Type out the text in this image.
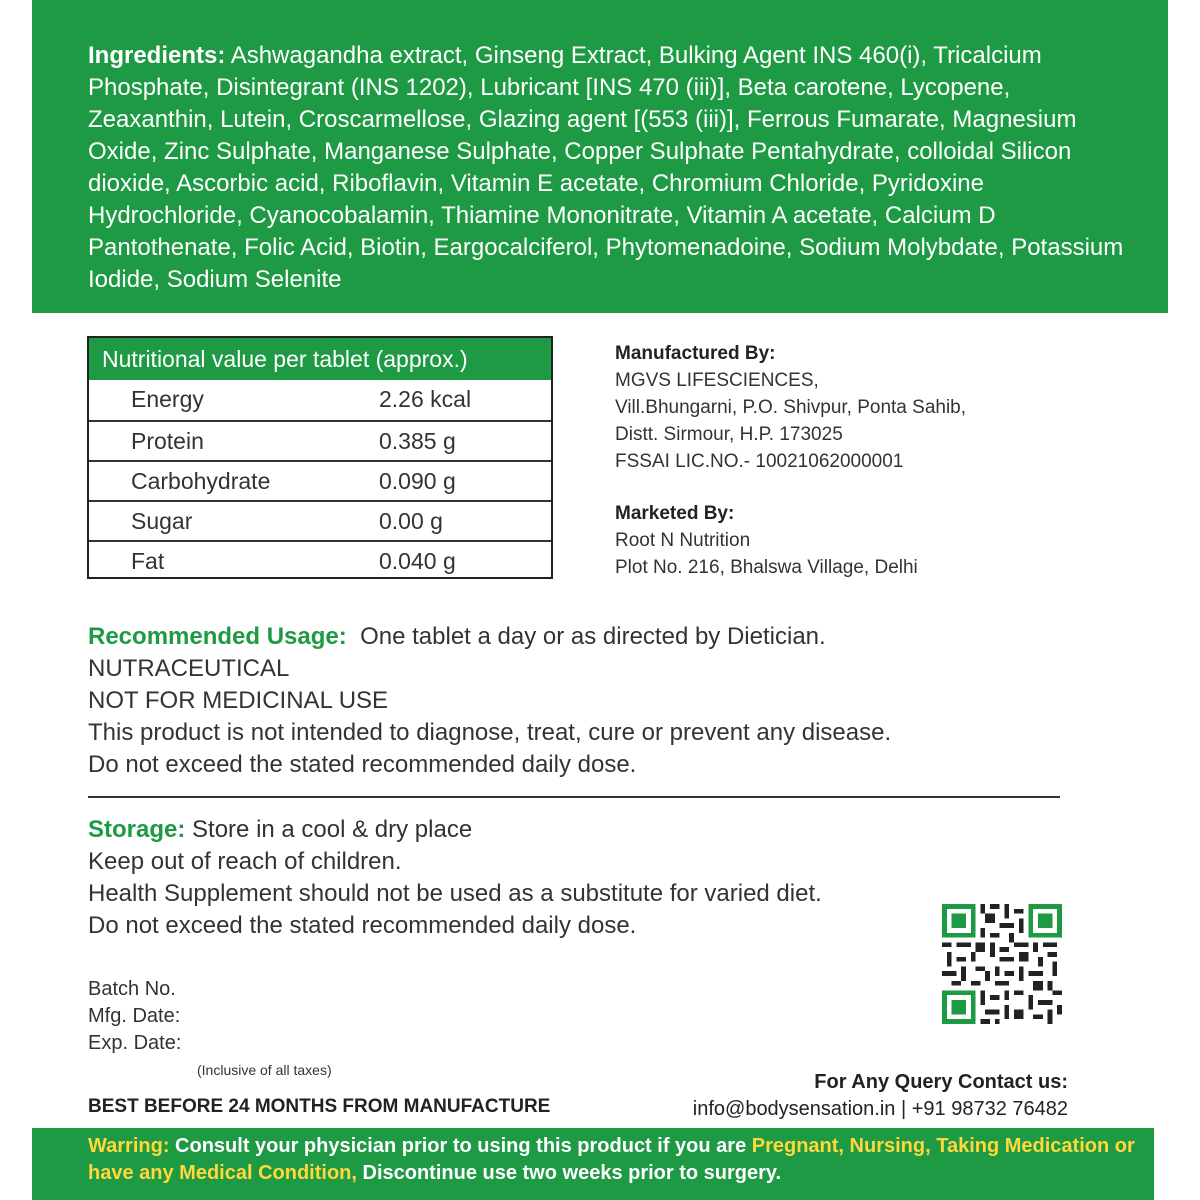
Ingredients: Ashwagandha extract, Ginseng Extract, Bulking Agent INS 460(i), Tricalcium Phosphate, Disintegrant (INS 1202), Lubricant [INS 470 (iii)], Beta carotene, Lycopene, Zeaxanthin, Lutein, Croscarmellose, Glazing agent [(553 (iii)], Ferrous Fumarate, Magnesium Oxide, Zinc Sulphate, Manganese Sulphate, Copper Sulphate Pentahydrate, colloidal Silicon dioxide, Ascorbic acid, Riboflavin, Vitamin E acetate, Chromium Chloride, Pyridoxine Hydrochloride, Cyanocobalamin, Thiamine Mononitrate, Vitamin A acetate, Calcium D Pantothenate, Folic Acid, Biotin, Eargocalciferol, Phytomenadoine, Sodium Molybdate, Potassium Iodide, Sodium Selenite

Nutritional value per tablet (approx.)
Energy	2.26 kcal
Protein	0.385 g
Carbohydrate	0.090 g
Sugar	0.00 g
Fat	0.040 g
Manufactured By:
MGVS LIFESCIENCES,
Vill.Bhungarni, P.O. Shivpur, Ponta Sahib,
Distt. Sirmour, H.P. 173025
FSSAI LIC.NO.- 10021062000001
Marketed By:
Root N Nutrition
Plot No. 216, Bhalswa Village, Delhi
Recommended Usage: One tablet a day or as directed by Dietician.
NUTRACEUTICAL
NOT FOR MEDICINAL USE
This product is not intended to diagnose, treat, cure or prevent any disease.
Do not exceed the stated recommended daily dose.
Storage: Store in a cool & dry place
Keep out of reach of children.
Health Supplement should not be used as a substitute for varied diet.
Do not exceed the stated recommended daily dose.
Batch No.
Mfg. Date:
Exp. Date:
(Inclusive of all taxes)
BEST BEFORE 24 MONTHS FROM MANUFACTURE
For Any Query Contact us:
info@bodysensation.in | +91 98732 76482
Warring: Consult your physician prior to using this product if you are Pregnant, Nursing, Taking Medication or have any Medical Condition, Discontinue use two weeks prior to surgery.
